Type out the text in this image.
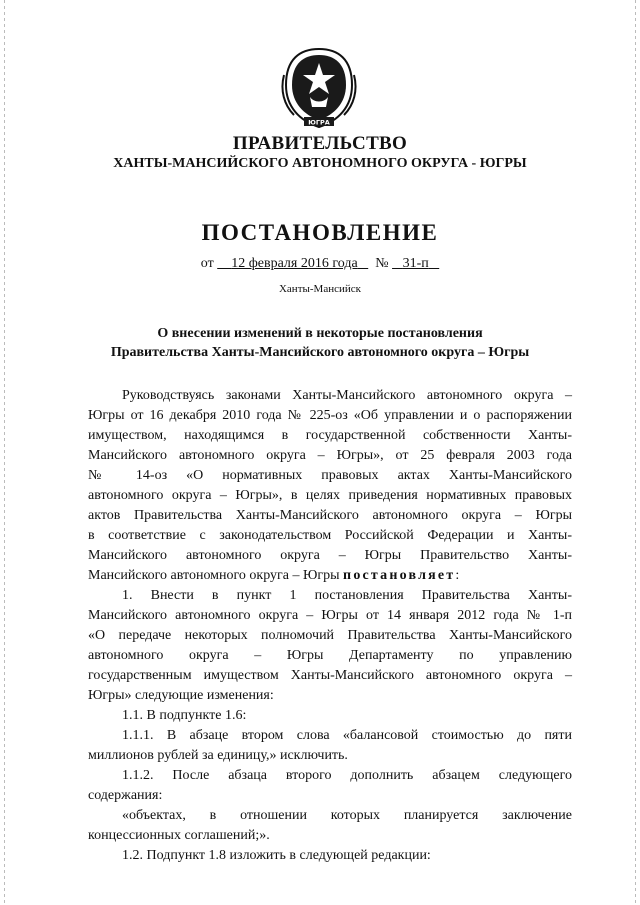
ЮГРА
ПРАВИТЕЛЬСТВО
ХАНТЫ-МАНСИЙСКОГО АВТОНОМНОГО ОКРУГА - ЮГРЫ
ПОСТАНОВЛЕНИЕ
от 12 февраля 2016 года № 31-п
Ханты-Мансийск
О внесении изменений в некоторые постановления
Правительства Ханты-Мансийского автономного округа – Югры
Руководствуясь законами Ханты-Мансийского автономного округа –
Югры от 16 декабря 2010 года № 225-оз «Об управлении и о распоряжении
имуществом, находящимся в государственной собственности Ханты-
Мансийского автономного округа – Югры», от 25 февраля 2003 года
№ 14-оз «О нормативных правовых актах Ханты-Мансийского
автономного округа – Югры», в целях приведения нормативных правовых
актов Правительства Ханты-Мансийского автономного округа – Югры
в соответствие с законодательством Российской Федерации и Ханты-
Мансийского автономного округа – Югры Правительство Ханты-
Мансийского автономного округа – Югры постановляет:
1. Внести в пункт 1 постановления Правительства Ханты-
Мансийского автономного округа – Югры от 14 января 2012 года № 1-п
«О передаче некоторых полномочий Правительства Ханты-Мансийского
автономного округа – Югры Департаменту по управлению
государственным имуществом Ханты-Мансийского автономного округа –
Югры» следующие изменения:
1.1. В подпункте 1.6:
1.1.1. В абзаце втором слова «балансовой стоимостью до пяти
миллионов рублей за единицу,» исключить.
1.1.2. После абзаца второго дополнить абзацем следующего
содержания:
«объектах, в отношении которых планируется заключение
концессионных соглашений;».
1.2. Подпункт 1.8 изложить в следующей редакции:
